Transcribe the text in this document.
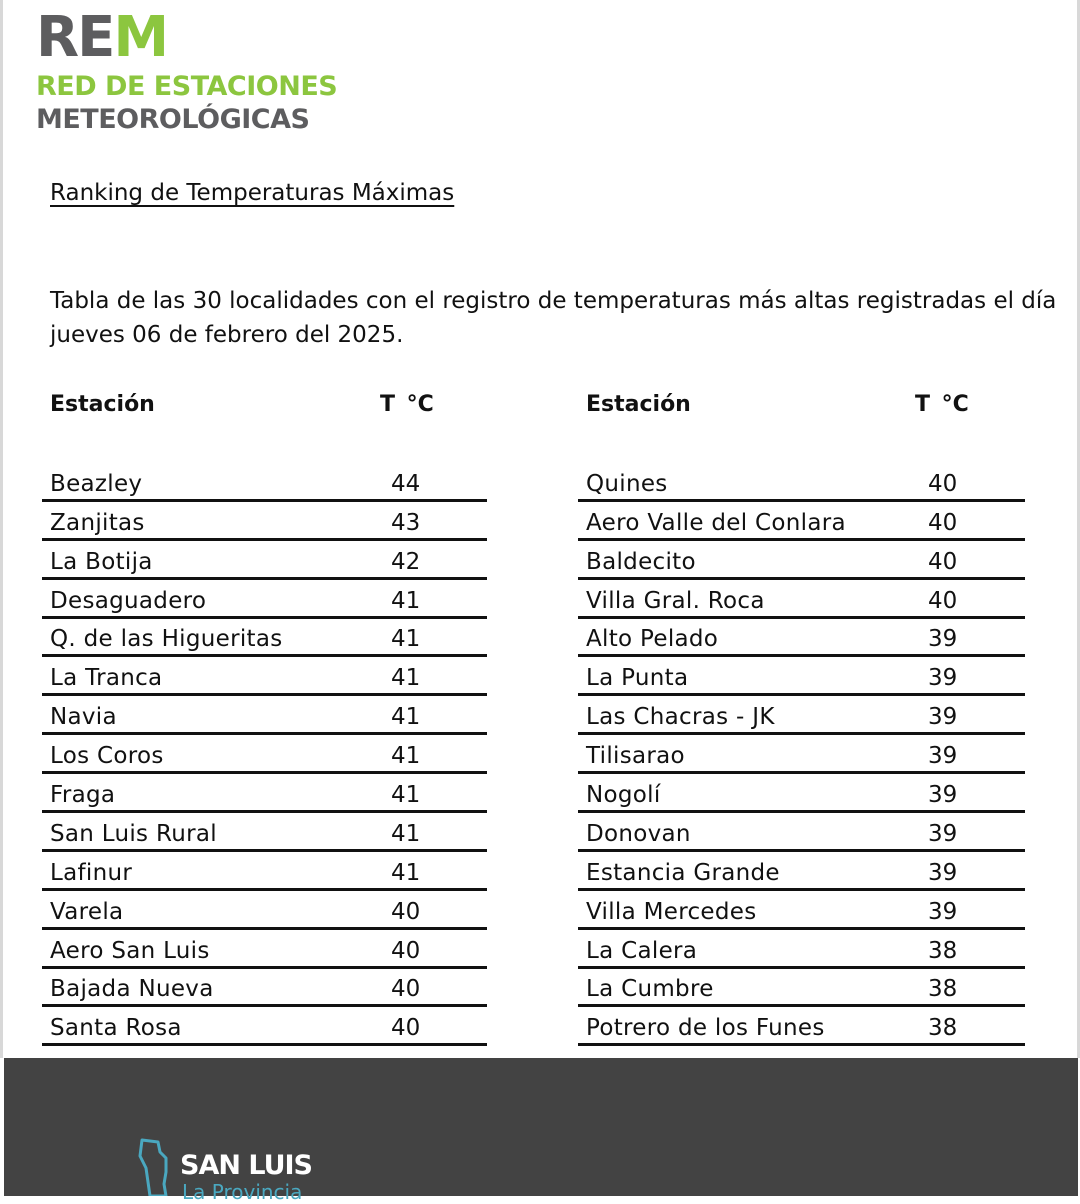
REM
RED DE ESTACIONES
METEOROLÓGICAS
Ranking de Temperaturas Máximas
Tabla de las 30 localidades con el registro de temperaturas más altas registradas el día jueves 06 de febrero del 2025.
Estación	T °C
Beazley	44
Zanjitas	43
La Botija	42
Desaguadero	41
Q. de las Higueritas	41
La Tranca	41
Navia	41
Los Coros	41
Fraga	41
San Luis Rural	41
Lafinur	41
Varela	40
Aero San Luis	40
Bajada Nueva	40
Santa Rosa	40
Estación	T °C
Quines	40
Aero Valle del Conlara	40
Baldecito	40
Villa Gral. Roca	40
Alto Pelado	39
La Punta	39
Las Chacras - JK	39
Tilisarao	39
Nogolí	39
Donovan	39
Estancia Grande	39
Villa Mercedes	39
La Calera	38
La Cumbre	38
Potrero de los Funes	38
SAN LUIS
La Provincia
